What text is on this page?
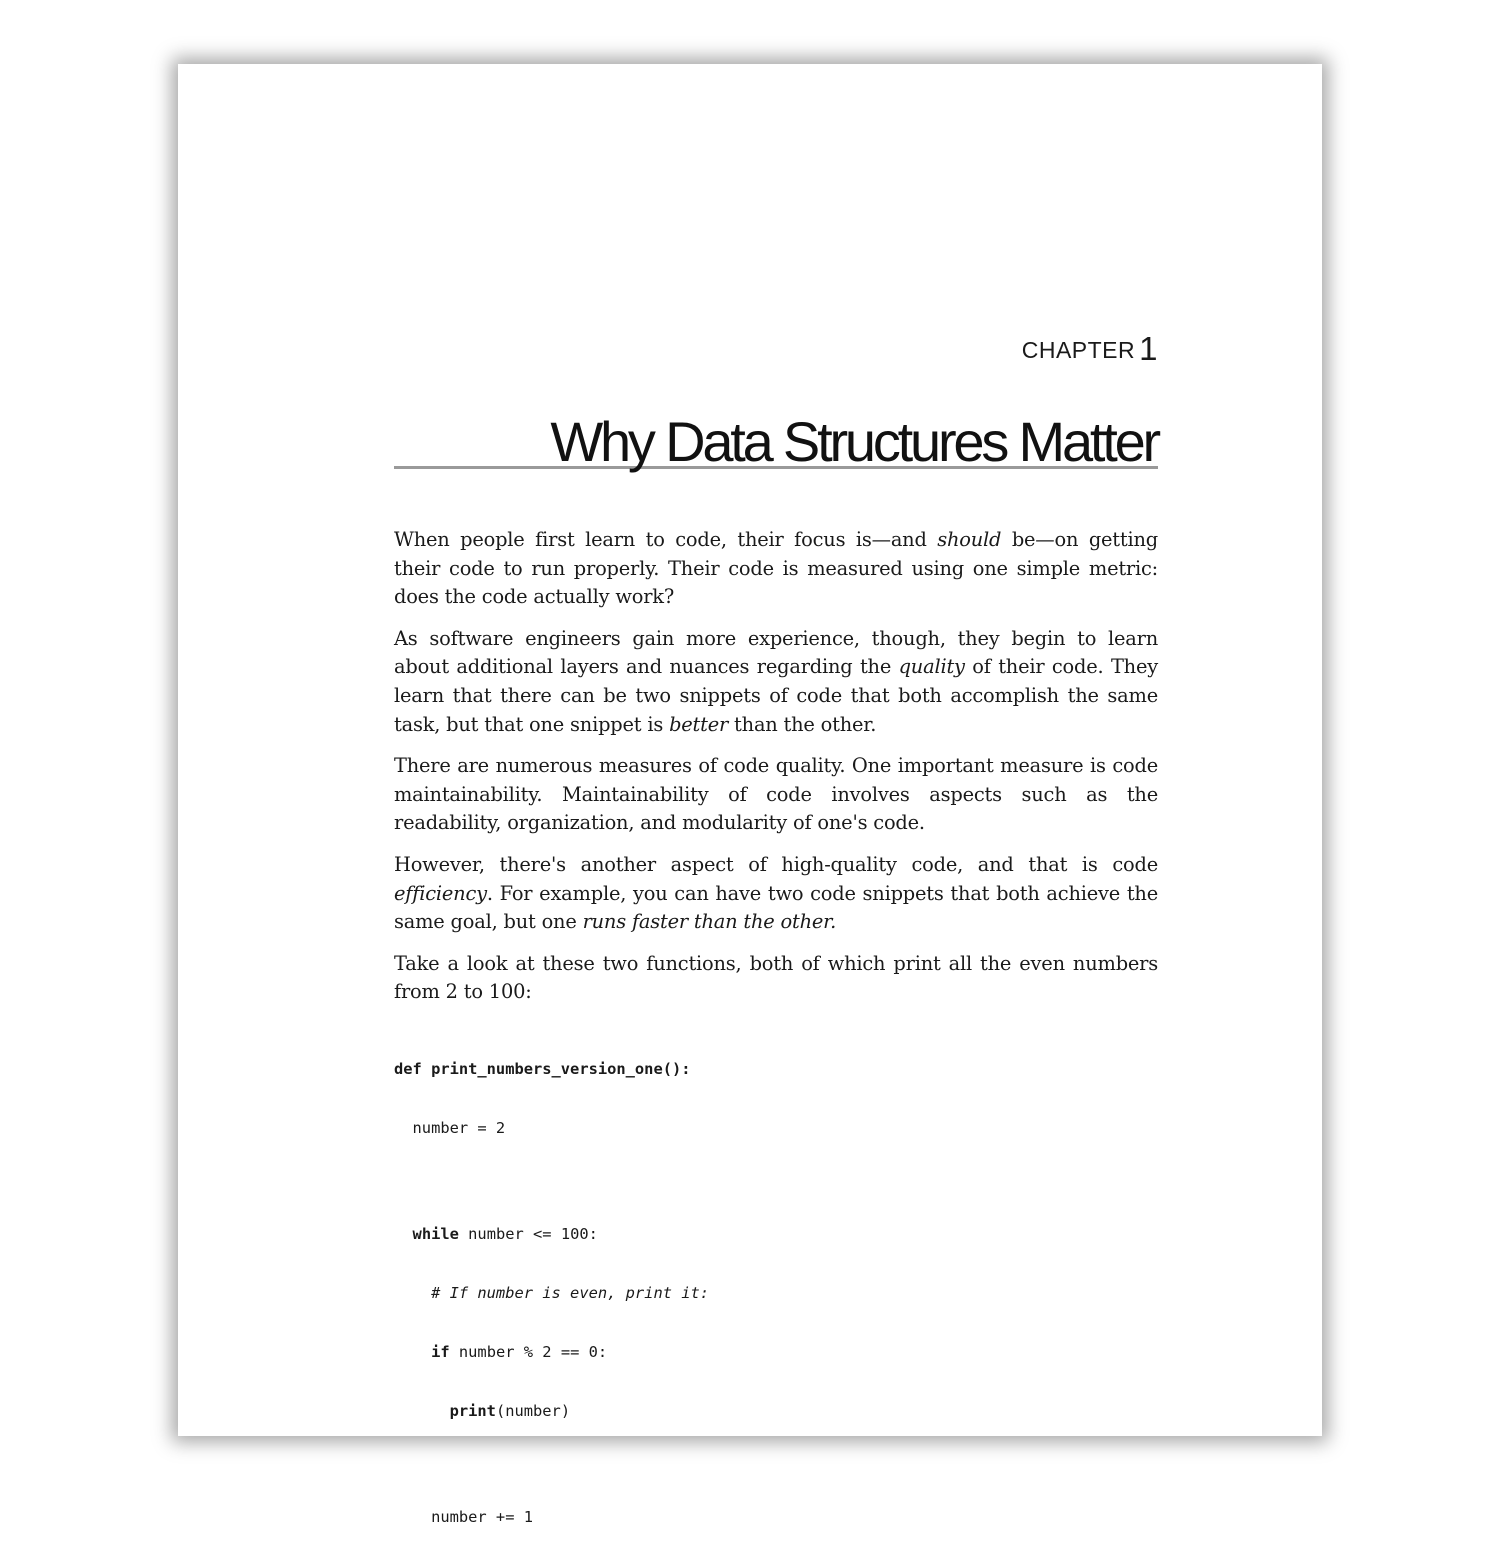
CHAPTER 1
Why Data Structures Matter

When people first learn to code, their focus is—and should be—on getting their code to run properly. Their code is measured using one simple metric: does the code actually work?

As software engineers gain more experience, though, they begin to learn about additional layers and nuances regarding the quality of their code. They learn that there can be two snippets of code that both accomplish the same task, but that one snippet is better than the other.

There are numerous measures of code quality. One important measure is code maintainability. Maintainability of code involves aspects such as the readability, organization, and modularity of one's code.

However, there's another aspect of high-quality code, and that is code efficiency. For example, you can have two code snippets that both achieve the same goal, but one runs faster than the other.

Take a look at these two functions, both of which print all the even numbers from 2 to 100:

def print_numbers_version_one():

number = 2

while number <= 100:

# If number is even, print it:

if number % 2 == 0:

print(number)

number += 1
